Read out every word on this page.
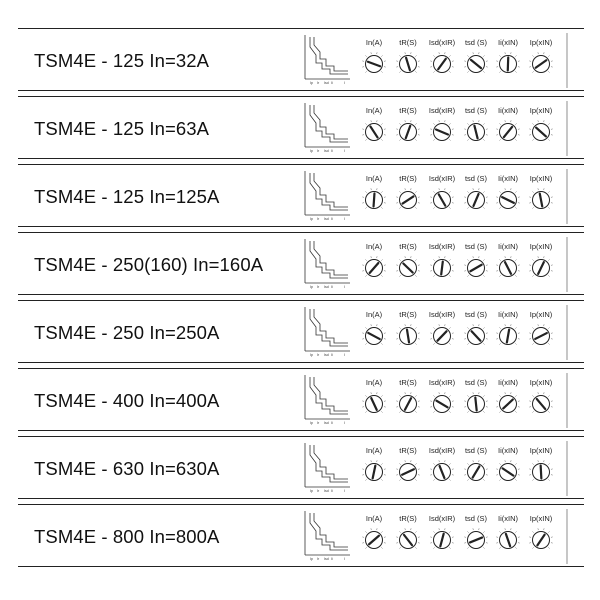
TSM4E - 125 In=32A
Ip Ir Isd Ii	I
In(A) tR(S) Isd(xIR) tsd (S) Ii(xIN) Ip(xIN)
TSM4E - 125 In=63A
Ip Ir Isd Ii	I
In(A) tR(S) Isd(xIR) tsd (S) Ii(xIN) Ip(xIN)
TSM4E - 125 In=125A
Ip Ir Isd Ii	I
In(A) tR(S) Isd(xIR) tsd (S) Ii(xIN) Ip(xIN)
TSM4E - 250(160) In=160A
Ip Ir Isd Ii	I
In(A) tR(S) Isd(xIR) tsd (S) Ii(xIN) Ip(xIN)
TSM4E - 250 In=250A
Ip Ir Isd Ii	I
In(A) tR(S) Isd(xIR) tsd (S) Ii(xIN) Ip(xIN)
TSM4E - 400 In=400A
Ip Ir Isd Ii	I
In(A) tR(S) Isd(xIR) tsd (S) Ii(xIN) Ip(xIN)
TSM4E - 630 In=630A
Ip Ir Isd Ii	I
In(A) tR(S) Isd(xIR) tsd (S) Ii(xIN) Ip(xIN)
TSM4E - 800 In=800A
Ip Ir Isd Ii	I
In(A) tR(S) Isd(xIR) tsd (S) Ii(xIN) Ip(xIN)
